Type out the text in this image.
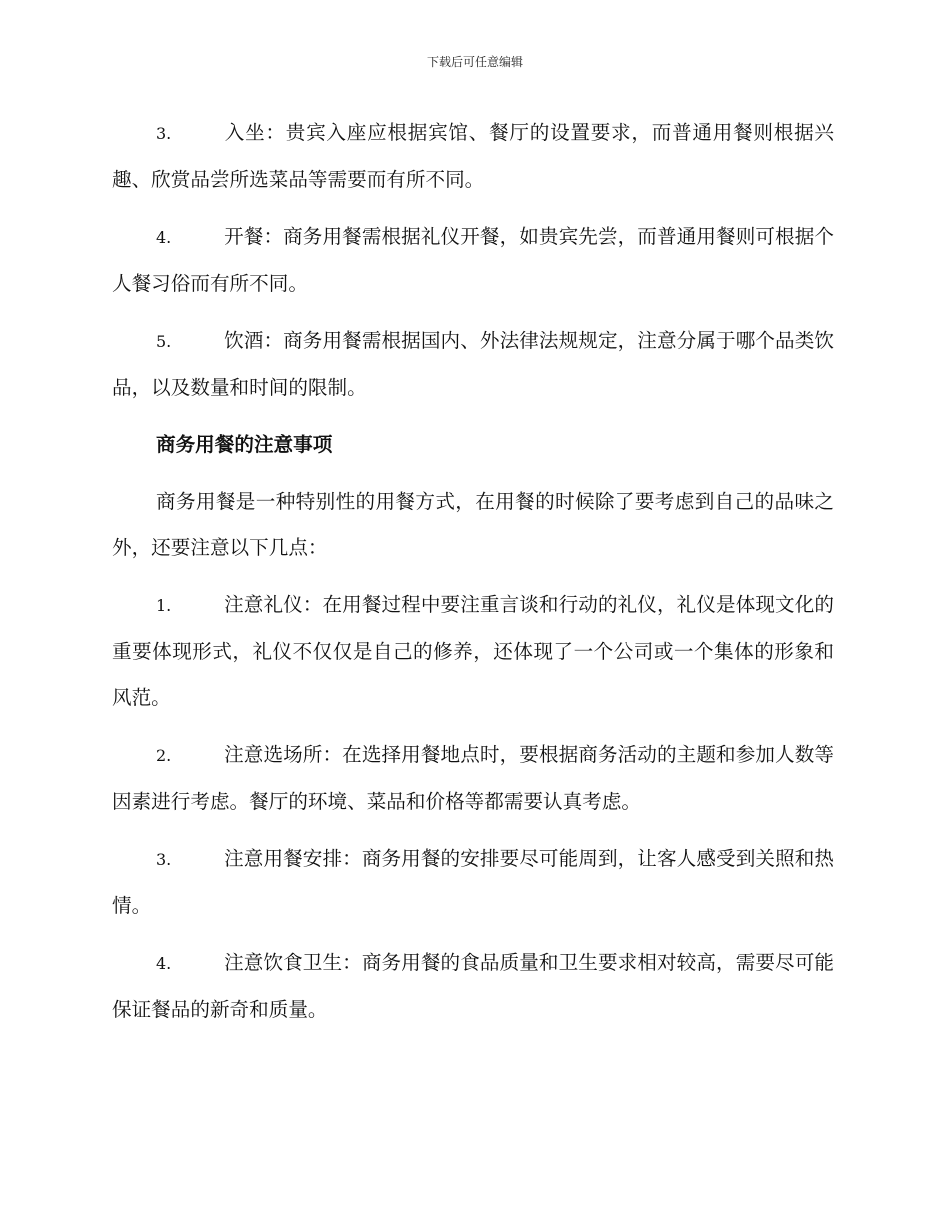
下载后可任意编辑

3.	入坐：贵宾入座应根据宾馆、餐厅的设置要求，而普通用餐则根据兴趣、欣赏品尝所选菜品等需要而有所不同。

4.	开餐：商务用餐需根据礼仪开餐，如贵宾先尝，而普通用餐则可根据个人餐习俗而有所不同。

5.	饮酒：商务用餐需根据国内、外法律法规规定，注意分属于哪个品类饮品，以及数量和时间的限制。

商务用餐的注意事项

商务用餐是一种特别性的用餐方式，在用餐的时候除了要考虑到自己的品味之外，还要注意以下几点：

1.	注意礼仪：在用餐过程中要注重言谈和行动的礼仪，礼仪是体现文化的重要体现形式，礼仪不仅仅是自己的修养，还体现了一个公司或一个集体的形象和风范。

2.	注意选场所：在选择用餐地点时，要根据商务活动的主题和参加人数等因素进行考虑。餐厅的环境、菜品和价格等都需要认真考虑。

3.	注意用餐安排：商务用餐的安排要尽可能周到，让客人感受到关照和热情。

4.	注意饮食卫生：商务用餐的食品质量和卫生要求相对较高，需要尽可能保证餐品的新奇和质量。
